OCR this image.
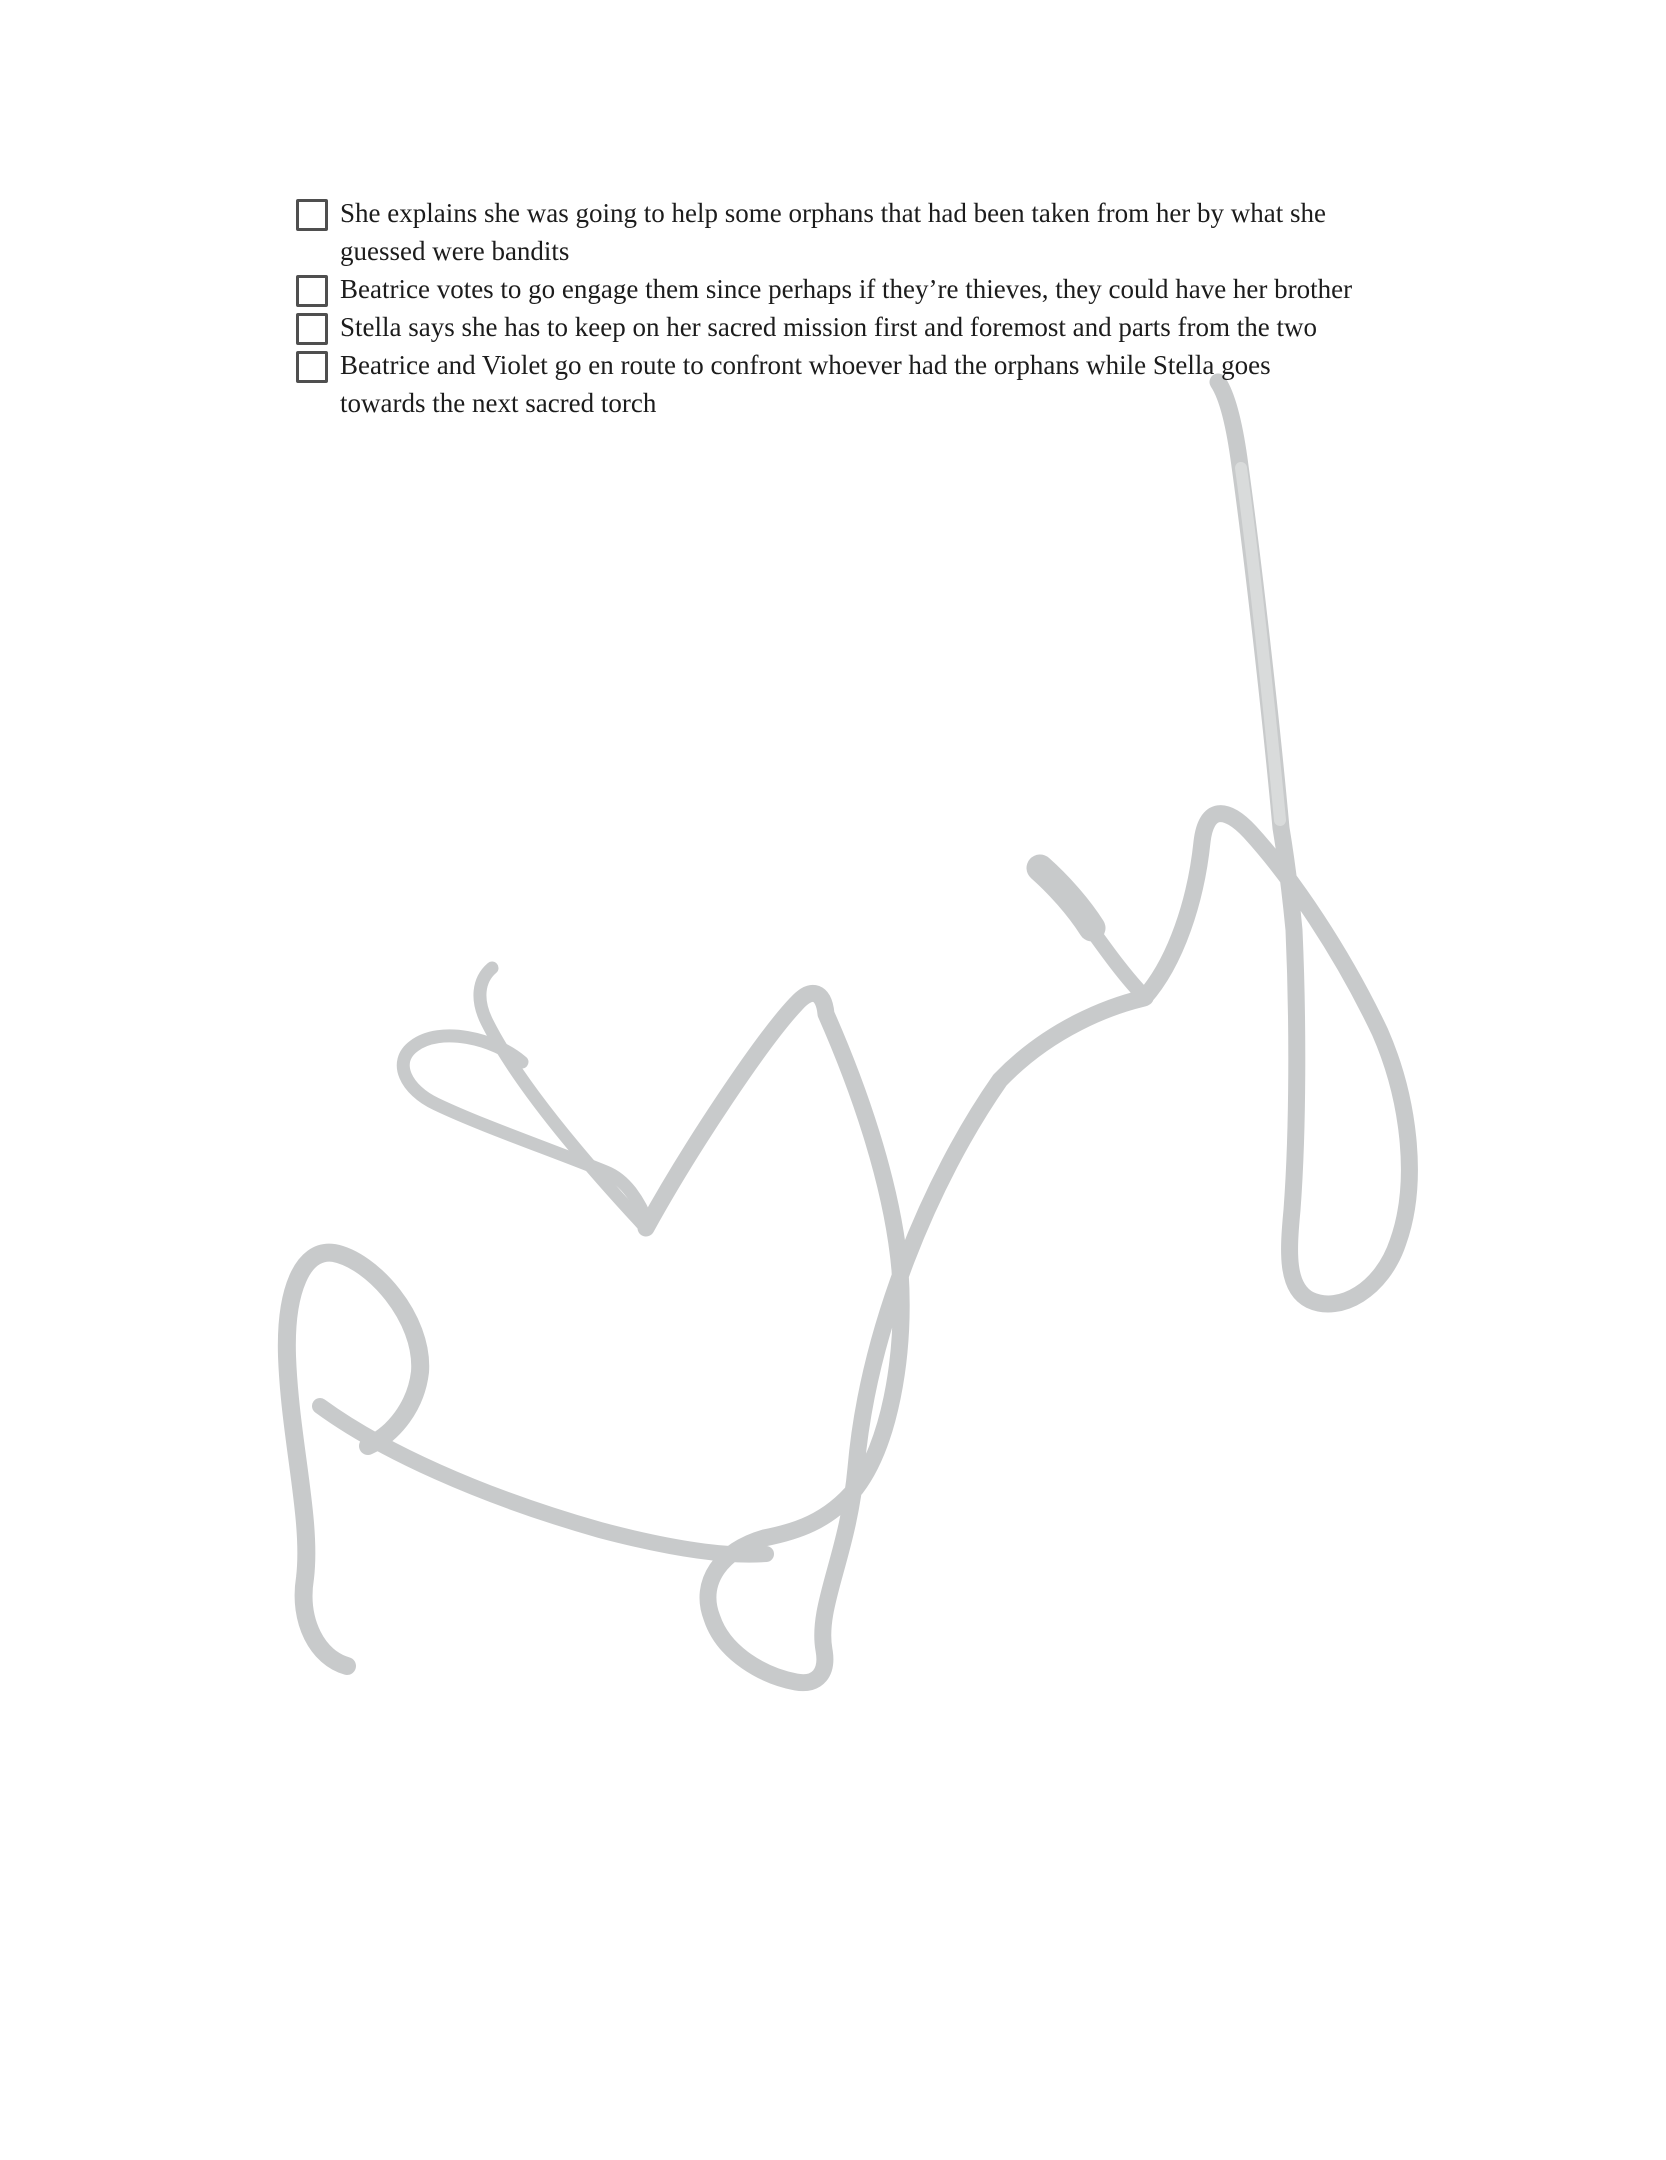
She explains she was going to help some orphans that had been taken from her by what she
guessed were bandits
Beatrice votes to go engage them since perhaps if they’re thieves, they could have her brother
Stella says she has to keep on her sacred mission first and foremost and parts from the two
Beatrice and Violet go en route to confront whoever had the orphans while Stella goes
towards the next sacred torch
